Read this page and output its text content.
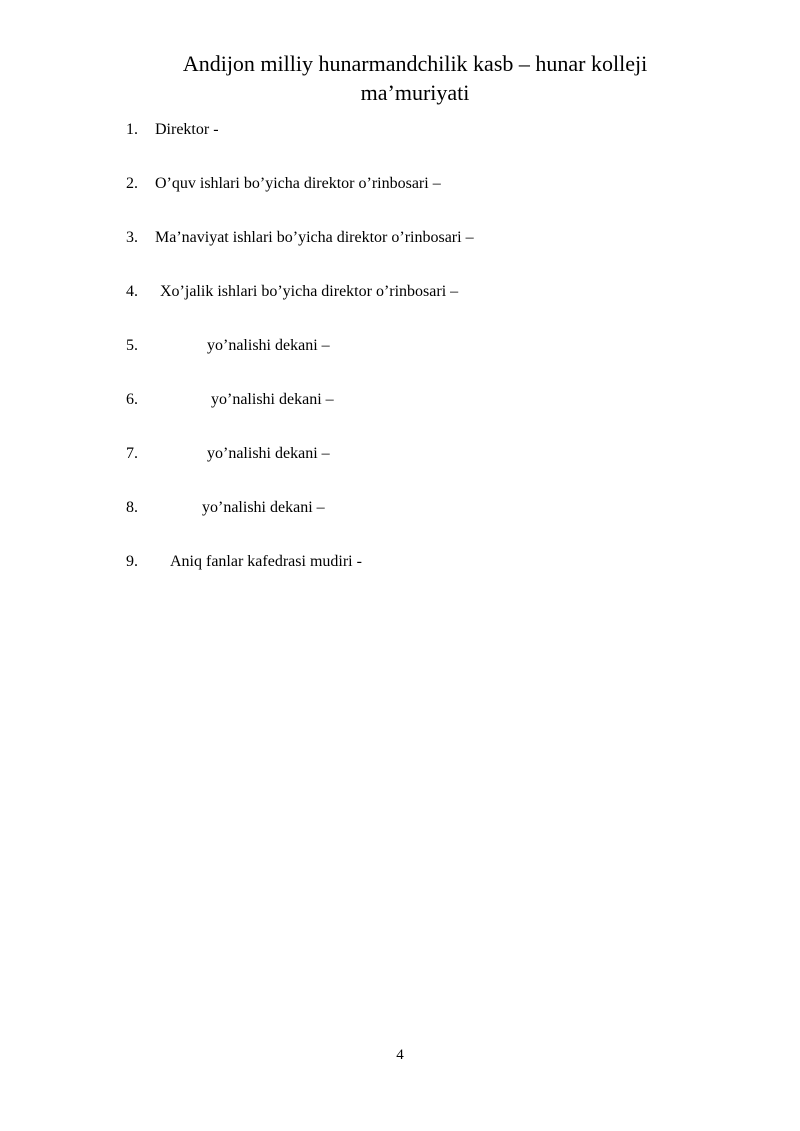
Andijon milliy hunarmandchilik kasb – hunar kolleji
ma’muriyati

1.

Direktor -

2.

O’quv ishlari bo’yicha direktor o’rinbosari –

3.

Ma’naviyat ishlari bo’yicha direktor o’rinbosari –

4.

Xo’jalik ishlari bo’yicha direktor o’rinbosari –

5.

	yo’nalishi dekani –

6.

	yo’nalishi dekani –

7.

	yo’nalishi dekani –

8.

	yo’nalishi dekani –

9.

Aniq fanlar kafedrasi mudiri -

4
